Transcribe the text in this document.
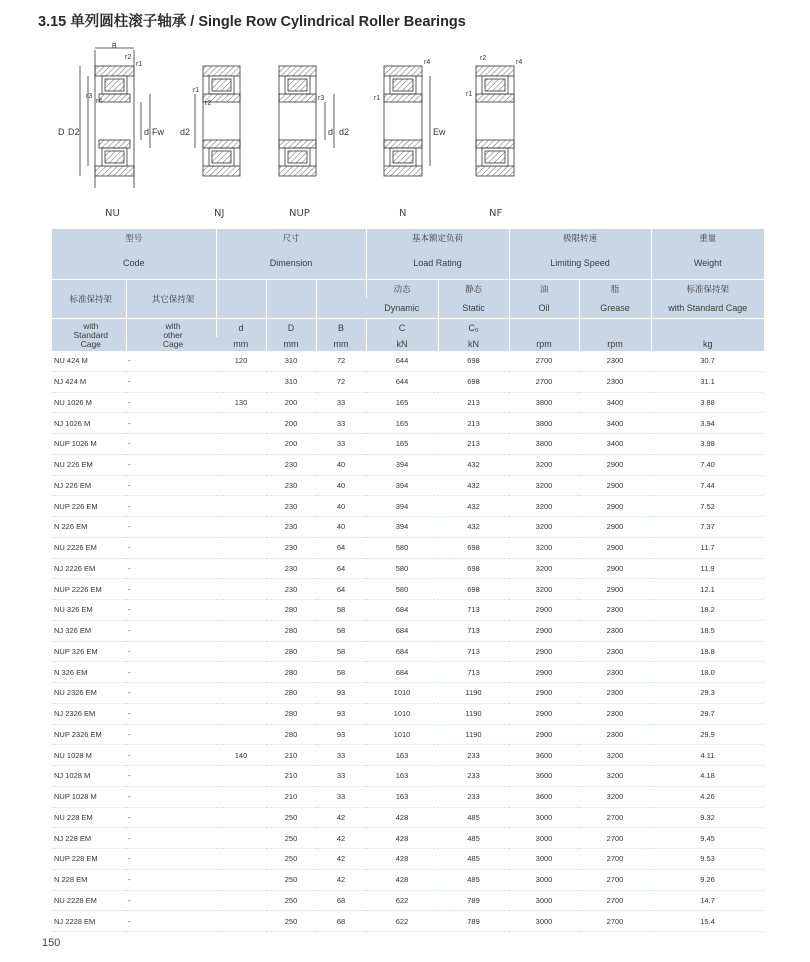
3.15 单列圆柱滚子轴承 / Single Row Cylindrical Roller Bearings
B
r1
r2
r3
r4
D D2	d Fw d2
r1
r2
d d2
r3
Ew
r4
r1
r4
r2
r1
NU	NJ	NUP	N	NF
型号		尺寸			基本额定负荷		极限转速		重量
Code		Dimension			Load Rating		Limiting Speed		Weight
标准保持架	其它保持架				动态	静态	油	脂	标准保持架
					Dynamic	Static	Oil	Grease	with Standard Cage
with
Standard
Cage	with
other
Cage	d	D	B	C	C₀			
		mm	mm	mm	kN	kN	rpm	rpm	kg
NU 424 M	-	120	310	72	644	698	2700	2300	30.7
NJ 424 M	-		310	72	644	698	2700	2300	31.1
NU 1026 M	-	130	200	33	165	213	3800	3400	3.88
NJ 1026 M	-		200	33	165	213	3800	3400	3.94
NUP 1026 M	-		200	33	165	213	3800	3400	3.98
NU 226 EM	-		230	40	394	432	3200	2900	7.40
NJ 226 EM	-		230	40	394	432	3200	2900	7.44
NUP 226 EM	-		230	40	394	432	3200	2900	7.52
N 226 EM	-		230	40	394	432	3200	2900	7.37
NU 2226 EM	-		230	64	580	698	3200	2900	11.7
NJ 2226 EM	-		230	64	580	698	3200	2900	11.9
NUP 2226 EM	-		230	64	580	698	3200	2900	12.1
NU 326 EM	-		280	58	684	713	2900	2300	18.2
NJ 326 EM	-		280	58	684	713	2900	2300	18.5
NUP 326 EM	-		280	58	684	713	2900	2300	18.8
N 326 EM	-		280	58	684	713	2900	2300	18.0
NU 2326 EM	-		280	93	1010	1190	2900	2300	29.3
NJ 2326 EM	-		280	93	1010	1190	2900	2300	29.7
NUP 2326 EM	-		280	93	1010	1190	2900	2300	29.9
NU 1028 M	-	140	210	33	163	233	3600	3200	4.11
NJ 1028 M	-		210	33	163	233	3600	3200	4.18
NUP 1028 M	-		210	33	163	233	3600	3200	4.26
NU 228 EM	-		250	42	428	485	3000	2700	9.32
NJ 228 EM	-		250	42	428	485	3000	2700	9.45
NUP 228 EM	-		250	42	428	485	3000	2700	9.53
N 228 EM	-		250	42	428	485	3000	2700	9.26
NU 2228 EM	-		250	68	622	789	3000	2700	14.7
NJ 2228 EM	-		250	68	622	789	3000	2700	15.4
150
